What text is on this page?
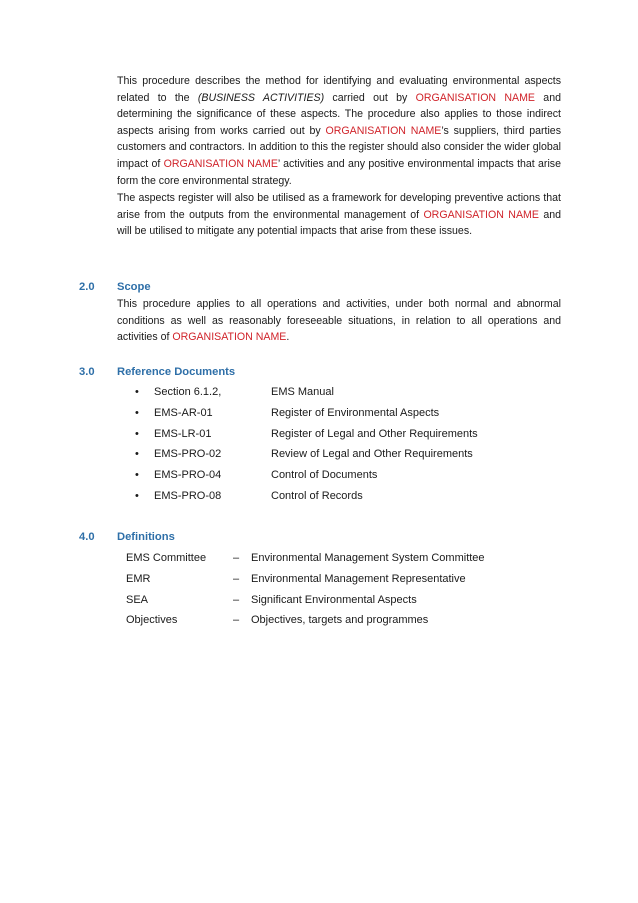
This procedure describes the method for identifying and evaluating environmental aspects related to the (BUSINESS ACTIVITIES) carried out by ORGANISATION NAME and determining the significance of these aspects. The procedure also applies to those indirect aspects arising from works carried out by ORGANISATION NAME’s suppliers, third parties customers and contractors. In addition to this the register should also consider the wider global impact of ORGANISATION NAME’ activities and any positive environmental impacts that arise form the core environmental strategy.

The aspects register will also be utilised as a framework for developing preventive actions that arise from the outputs from the environmental management of ORGANISATION NAME and will be utilised to mitigate any potential impacts that arise from these issues.

2.0 Scope

This procedure applies to all operations and activities, under both normal and abnormal conditions as well as reasonably foreseeable situations, in relation to all operations and activities of ORGANISATION NAME.

3.0 Reference Documents
• Section 6.1.2,	EMS Manual
• EMS-AR-01	Register of Environmental Aspects
• EMS-LR-01	Register of Legal and Other Requirements
• EMS-PRO-02	Review of Legal and Other Requirements
• EMS-PRO-04	Control of Documents
• EMS-PRO-08	Control of Records
4.0 Definitions
EMS Committee – Environmental Management System Committee
EMR	– Environmental Management Representative
SEA	– Significant Environmental Aspects
Objectives	– Objectives, targets and programmes
